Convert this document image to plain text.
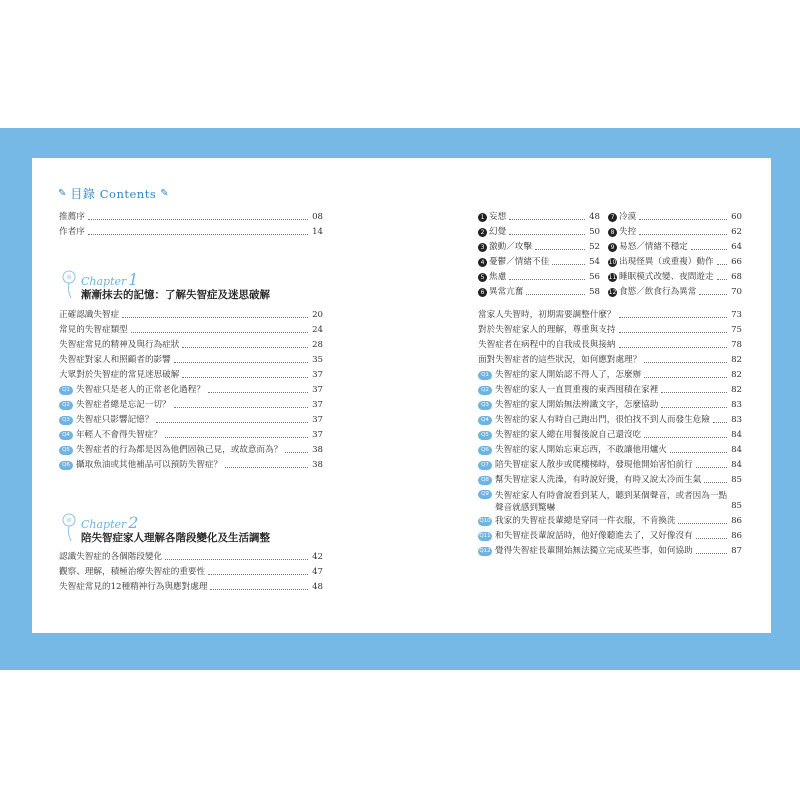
✎ 目錄 Contents ✎
推薦序	08
作者序	14
Chapter 1
漸漸抹去的記憶：了解失智症及迷思破解
正確認識失智症	20
常見的失智症類型	24
失智症常見的精神及與行為症狀	28
失智症對家人和照顧者的影響	35
大眾對於失智症的常見迷思破解	37
Q1 失智症只是老人的正常老化過程？	37
Q2 失智症者總是忘記一切？	37
Q3 失智症只影響記憶？	37
Q4 年輕人不會得失智症？	37
Q5 失智症者的行為都是因為他們固執己見，或故意而為？	38
Q6 攝取魚油或其他補品可以預防失智症？	38
Chapter 2
陪失智症家人理解各階段變化及生活調整
認識失智症的各個階段變化	42
觀察、理解，積極治療失智症的重要性	47
失智症常見的12種精神行為與應對處理	48
1 妄想	48
2 幻覺	50
3 激動／攻擊	52
4 憂鬱／情緒不佳	54
5 焦慮	56
6 異常亢奮	58
7 冷漠	60
8 失控	62
9 易怒／情緒不穩定	64
10 出現怪異（或重複）動作 66
11 睡眠模式改變、夜間遊走 68
12 食慾／飲食行為異常	70
當家人失智時，初期需要調整什麼？	73
對於失智症家人的理解，尊重與支持	75
失智症者在病程中的自我成長與接納	78
面對失智症者的這些狀況，如何應對處理？	82
Q1 失智症的家人開始認不得人了，怎麼辦	82
Q2 失智症的家人一直買重複的東西囤積在家裡	82
Q3 失智症的家人開始無法辨識文字，怎麼協助	83
Q4 失智症的家人有時自己跑出門，很怕找不到人而發生危險 83
Q5 失智症的家人總在用餐後說自己還沒吃	84
Q6 失智症的家人開始忘東忘西，不敢讓他用爐火	84
Q7 陪失智症家人散步或爬樓梯時，發現他開始害怕前行	84
Q8 幫失智症家人洗澡，有時說好燙，有時又說太冷而生氣	85
Q9 失智症家人有時會說看到某人，聽到某個聲音，或者因為一點聲音就感到驚嚇	85
Q10 我家的失智症長輩總是穿同一件衣服，不肯換洗	86
Q11 和失智症長輩說話時，他好像聽進去了，又好像沒有	86
Q12 覺得失智症長輩開始無法獨立完成某些事，如何協助	87
